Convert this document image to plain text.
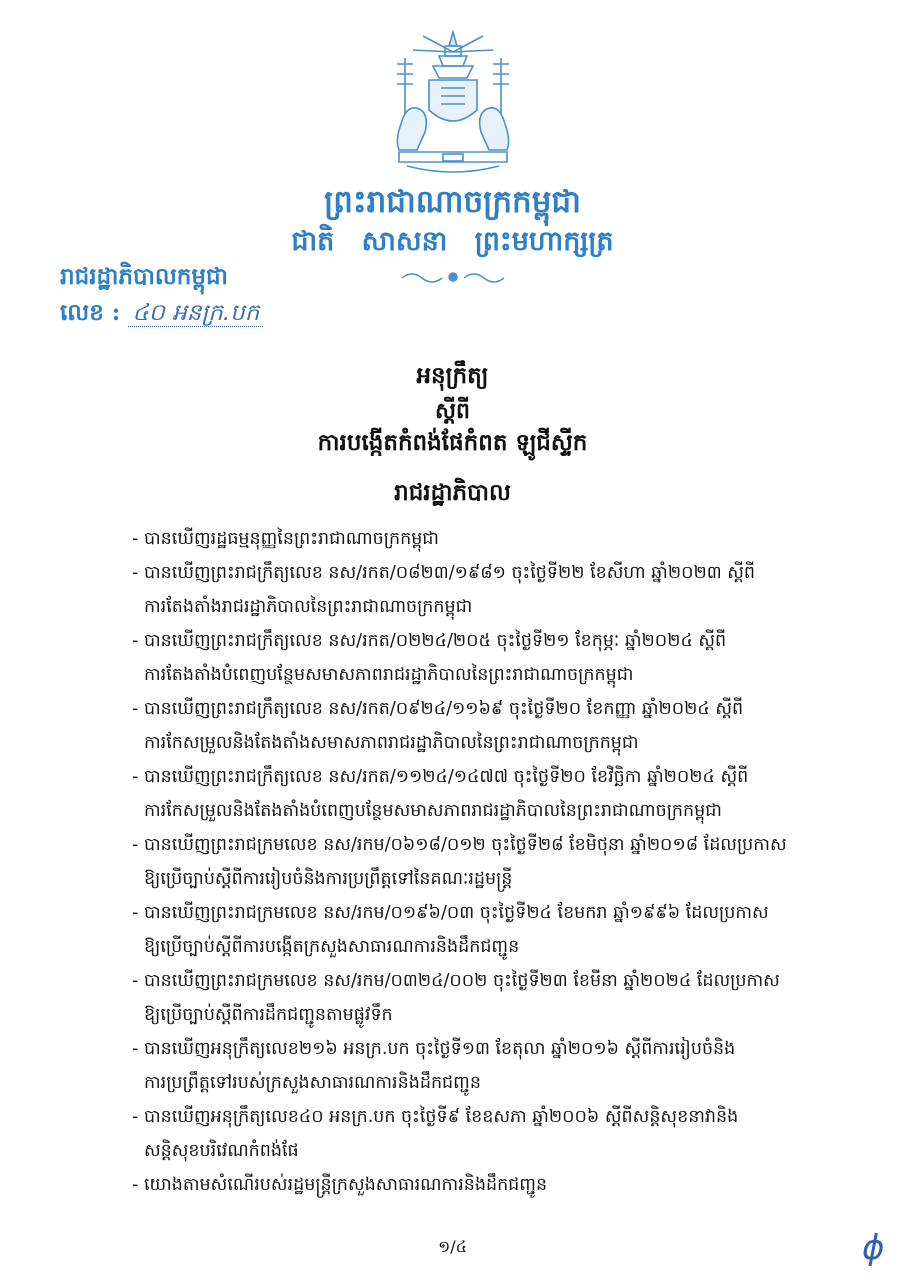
ព្រះរាជាណាចក្រកម្ពុជា
ជាតិ សាសនា ព្រះមហាក្សត្រ
រាជរដ្ឋាភិបាលកម្ពុជា
លេខ : ៤០ អនក្រ.បក
អនុក្រឹត្យ
ស្តីពី
ការបង្កើតកំពង់ផែកំពត ឡូជីស្ទីក
រាជរដ្ឋាភិបាល
- បានឃើញរដ្ឋធម្មនុញ្ញនៃព្រះរាជាណាចក្រកម្ពុជា
- បានឃើញព្រះរាជក្រឹត្យលេខ នស/រកត/០៨២៣/១៩៨១ ចុះថ្ងៃទី២២ ខែសីហា ឆ្នាំ២០២៣ ស្តីពី
ការតែងតាំងរាជរដ្ឋាភិបាលនៃព្រះរាជាណាចក្រកម្ពុជា
- បានឃើញព្រះរាជក្រឹត្យលេខ នស/រកត/០២២៤/២០៥ ចុះថ្ងៃទី២១ ខែកុម្ភៈ ឆ្នាំ២០២៤ ស្តីពី
ការតែងតាំងបំពេញបន្ថែមសមាសភាពរាជរដ្ឋាភិបាលនៃព្រះរាជាណាចក្រកម្ពុជា
- បានឃើញព្រះរាជក្រឹត្យលេខ នស/រកត/០៩២៤/១១៦៩ ចុះថ្ងៃទី២០ ខែកញ្ញា ឆ្នាំ២០២៤ ស្តីពី
ការកែសម្រួលនិងតែងតាំងសមាសភាពរាជរដ្ឋាភិបាលនៃព្រះរាជាណាចក្រកម្ពុជា
- បានឃើញព្រះរាជក្រឹត្យលេខ នស/រកត/១១២៤/១៤៧៧ ចុះថ្ងៃទី២០ ខែវិច្ឆិកា ឆ្នាំ២០២៤ ស្តីពី
ការកែសម្រួលនិងតែងតាំងបំពេញបន្ថែមសមាសភាពរាជរដ្ឋាភិបាលនៃព្រះរាជាណាចក្រកម្ពុជា
- បានឃើញព្រះរាជក្រមលេខ នស/រកម/០៦១៨/០១២ ចុះថ្ងៃទី២៨ ខែមិថុនា ឆ្នាំ២០១៨ ដែលប្រកាស
ឱ្យប្រើច្បាប់ស្តីពីការរៀបចំនិងការប្រព្រឹត្តទៅនៃគណៈរដ្ឋមន្ត្រី
- បានឃើញព្រះរាជក្រមលេខ នស/រកម/០១៩៦/០៣ ចុះថ្ងៃទី២៤ ខែមករា ឆ្នាំ១៩៩៦ ដែលប្រកាស
ឱ្យប្រើច្បាប់ស្តីពីការបង្កើតក្រសួងសាធារណការនិងដឹកជញ្ជូន
- បានឃើញព្រះរាជក្រមលេខ នស/រកម/០៣២៤/០០២ ចុះថ្ងៃទី២៣ ខែមីនា ឆ្នាំ២០២៤ ដែលប្រកាស
ឱ្យប្រើច្បាប់ស្តីពីការដឹកជញ្ជូនតាមផ្លូវទឹក
- បានឃើញអនុក្រឹត្យលេខ២១៦ អនក្រ.បក ចុះថ្ងៃទី១៣ ខែតុលា ឆ្នាំ២០១៦ ស្តីពីការរៀបចំនិង
ការប្រព្រឹត្តទៅរបស់ក្រសួងសាធារណការនិងដឹកជញ្ជូន
- បានឃើញអនុក្រឹត្យលេខ៤០ អនក្រ.បក ចុះថ្ងៃទី៩ ខែឧសភា ឆ្នាំ២០០៦ ស្តីពីសន្តិសុខនាវានិង
សន្តិសុខបរិវេណកំពង់ផែ
- យោងតាមសំណើរបស់រដ្ឋមន្ត្រីក្រសួងសាធារណការនិងដឹកជញ្ជូន
១/៤	ϕ
